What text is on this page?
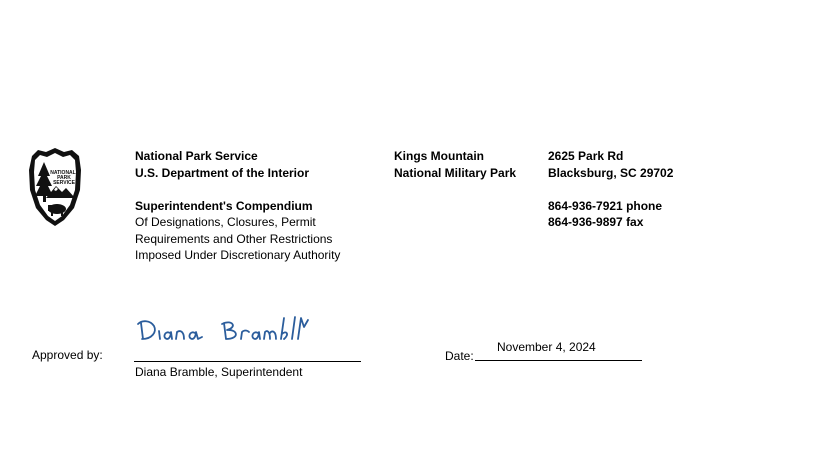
NATIONAL
PARK
SERVICE
National Park Service
U.S. Department of the Interior
Superintendent's Compendium
Of Designations, Closures, Permit
Requirements and Other Restrictions
Imposed Under Discretionary Authority
Kings Mountain
National Military Park
2625 Park Rd
Blacksburg, SC 29702
864-936-7921 phone
864-936-9897 fax
Approved by:
Diana Bramble, Superintendent
Date:
November 4, 2024
